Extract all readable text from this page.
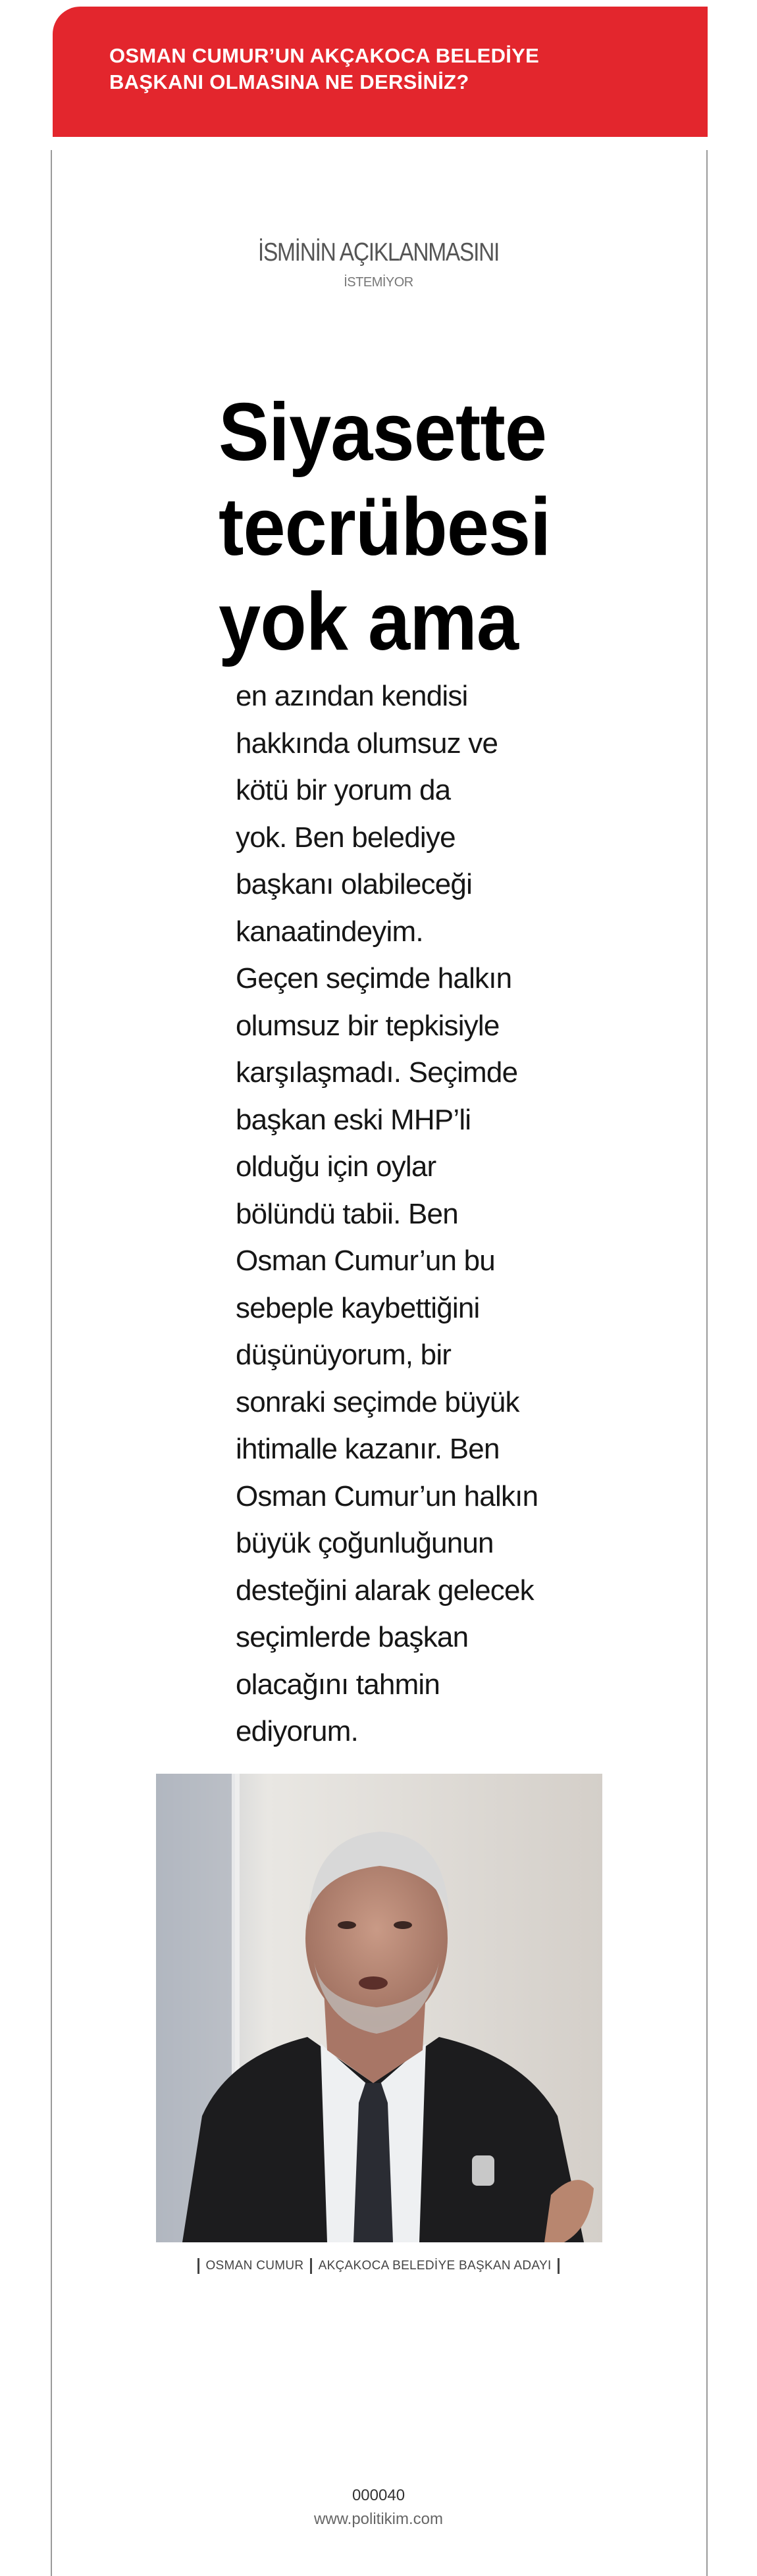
OSMAN CUMUR’UN AKÇAKOCA BELEDİYE
BAŞKANI OLMASINA NE DERSİNİZ?
İSMİNİN AÇIKLANMASINI
İSTEMİYOR
Siyasette
tecrübesi
yok ama
en azından kendisi
hakkında olumsuz ve
kötü bir yorum da
yok. Ben belediye
başkanı olabileceği
kanaatindeyim.
Geçen seçimde halkın
olumsuz bir tepkisiyle
karşılaşmadı. Seçimde
başkan eski MHP’li
olduğu için oylar
bölündü tabii. Ben
Osman Cumur’un bu
sebeple kaybettiğini
düşünüyorum, bir
sonraki seçimde büyük
ihtimalle kazanır. Ben
Osman Cumur’un halkın
büyük çoğunluğunun
desteğini alarak gelecek
seçimlerde başkan
olacağını tahmin
ediyorum.
OSMAN CUMUR AKÇAKOCA BELEDİYE BAŞKAN ADAYI
000040
www.politikim.com
